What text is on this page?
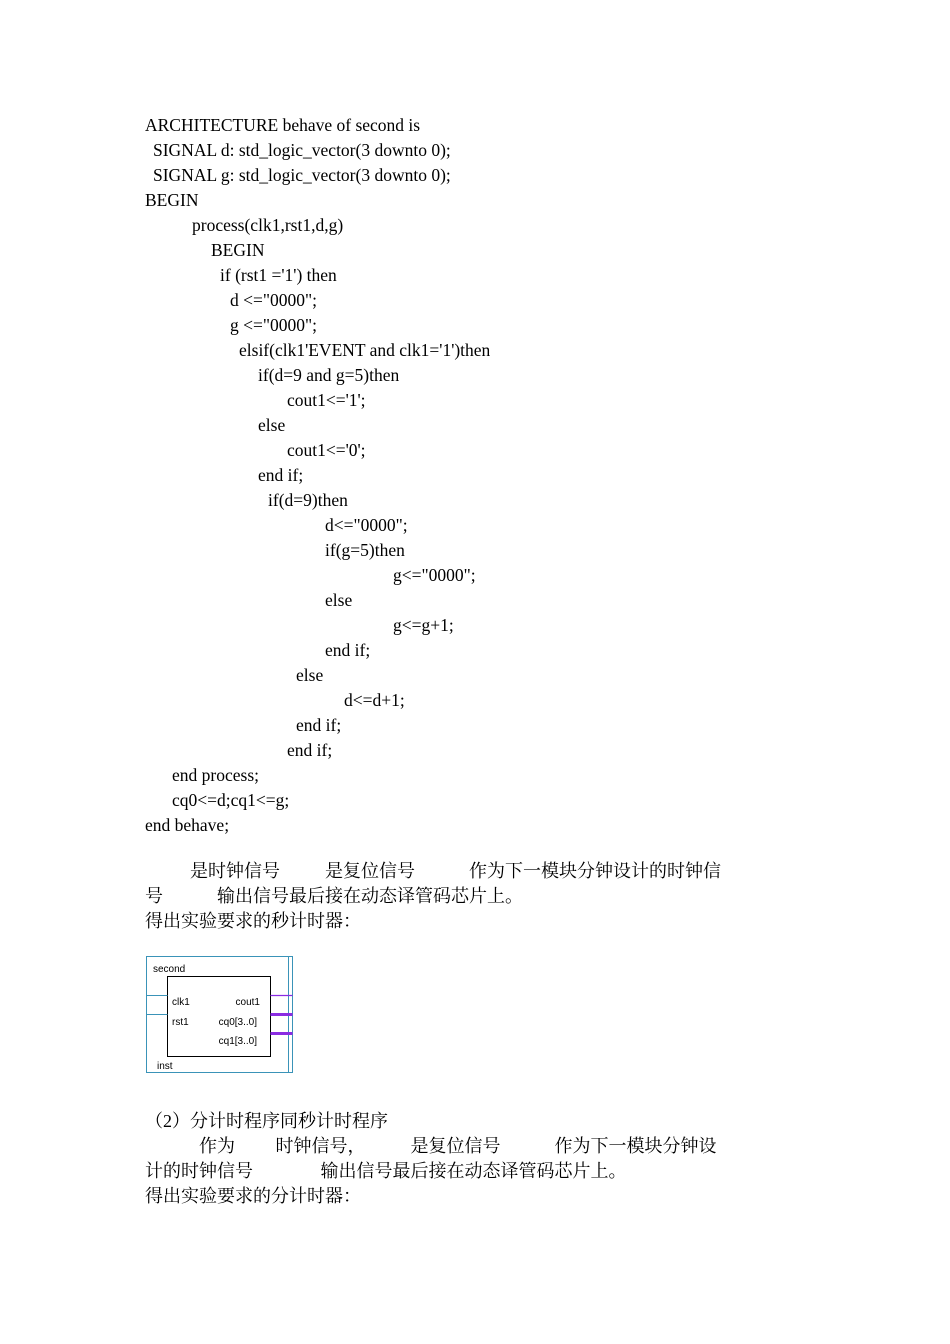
ARCHITECTURE behave of second is
SIGNAL d: std_logic_vector(3 downto 0);
SIGNAL g: std_logic_vector(3 downto 0);
BEGIN
process(clk1,rst1,d,g)
BEGIN
if (rst1 ='1') then
d <="0000";
g <="0000";
elsif(clk1'EVENT and clk1='1')then
if(d=9 and g=5)then
cout1<='1';
else
cout1<='0';
end if;
if(d=9)then
d<="0000";
if(g=5)then
g<="0000";
else
g<=g+1;
end if;
else
d<=d+1;
end if;
end if;
end process;
cq0<=d;cq1<=g;
end behave;
是时钟信号          是复位信号            作为下一模块分钟设计的时钟信
号            输出信号最后接在动态译管码芯片上。
得出实验要求的秒计时器：
second
clk1
rst1
cout1
cq0[3..0]
cq1[3..0]
inst
（2）分计时程序同秒计时程序
作为         时钟信号，          是复位信号            作为下一模块分钟设
计的时钟信号               输出信号最后接在动态译管码芯片上。
得出实验要求的分计时器：
